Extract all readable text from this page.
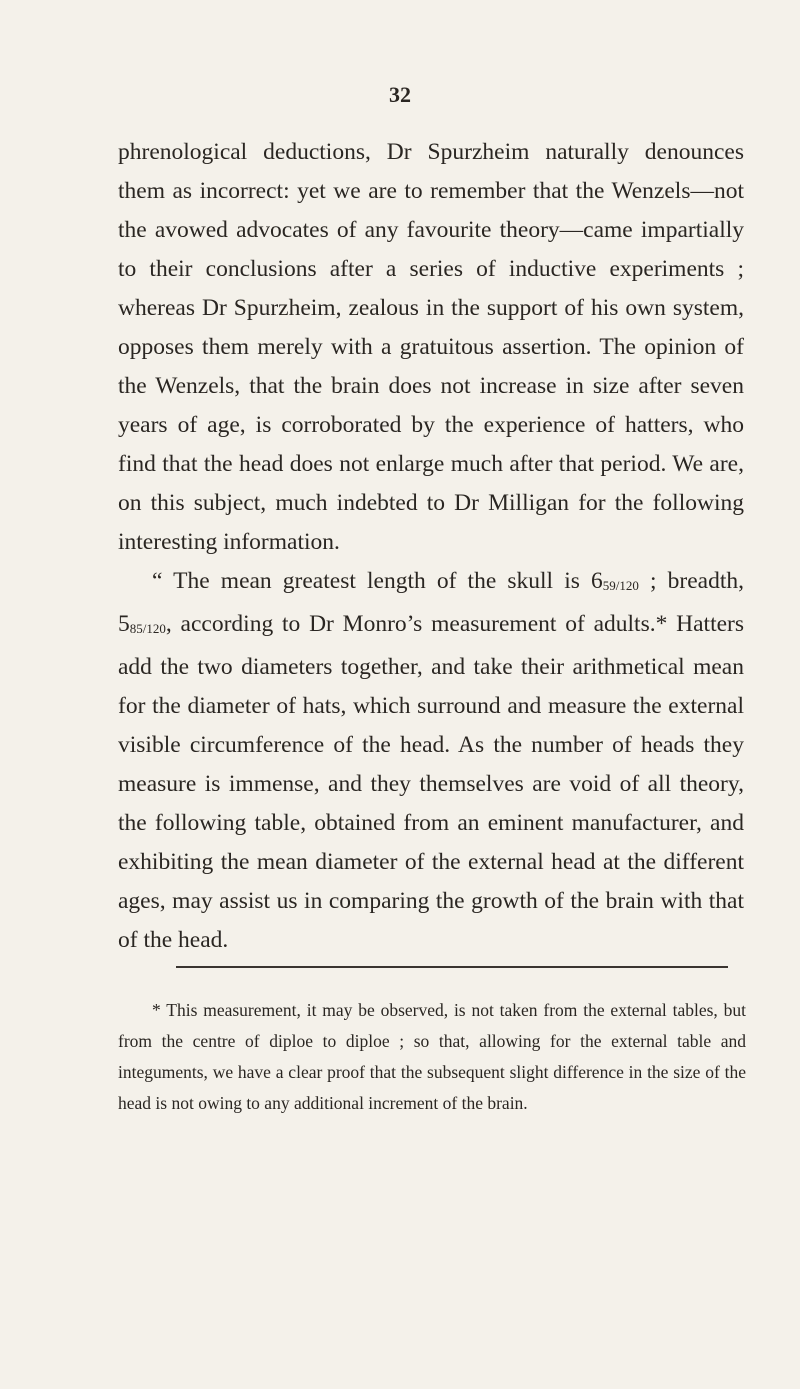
32

phrenological deductions, Dr Spurzheim naturally denounces them as incorrect: yet we are to remember that the Wenzels—not the avowed advocates of any favourite theory—came impartially to their conclusions after a series of inductive experiments ; whereas Dr Spurzheim, zealous in the support of his own system, opposes them merely with a gratuitous assertion. The opinion of the Wenzels, that the brain does not increase in size after seven years of age, is corroborated by the experience of hatters, who find that the head does not enlarge much after that period. We are, on this subject, much indebted to Dr Milligan for the following interesting information.

“ The mean greatest length of the skull is 659/120 ; breadth, 585/120, according to Dr Monro’s measurement of adults.* Hatters add the two diameters together, and take their arithmetical mean for the diameter of hats, which surround and measure the external visible circumference of the head. As the number of heads they measure is immense, and they themselves are void of all theory, the following table, obtained from an eminent manufacturer, and exhibiting the mean diameter of the external head at the different ages, may assist us in comparing the growth of the brain with that of the head.

* This measurement, it may be observed, is not taken from the external tables, but from the centre of diploe to diploe ; so that, allowing for the external table and integuments, we have a clear proof that the subsequent slight difference in the size of the head is not owing to any additional increment of the brain.
